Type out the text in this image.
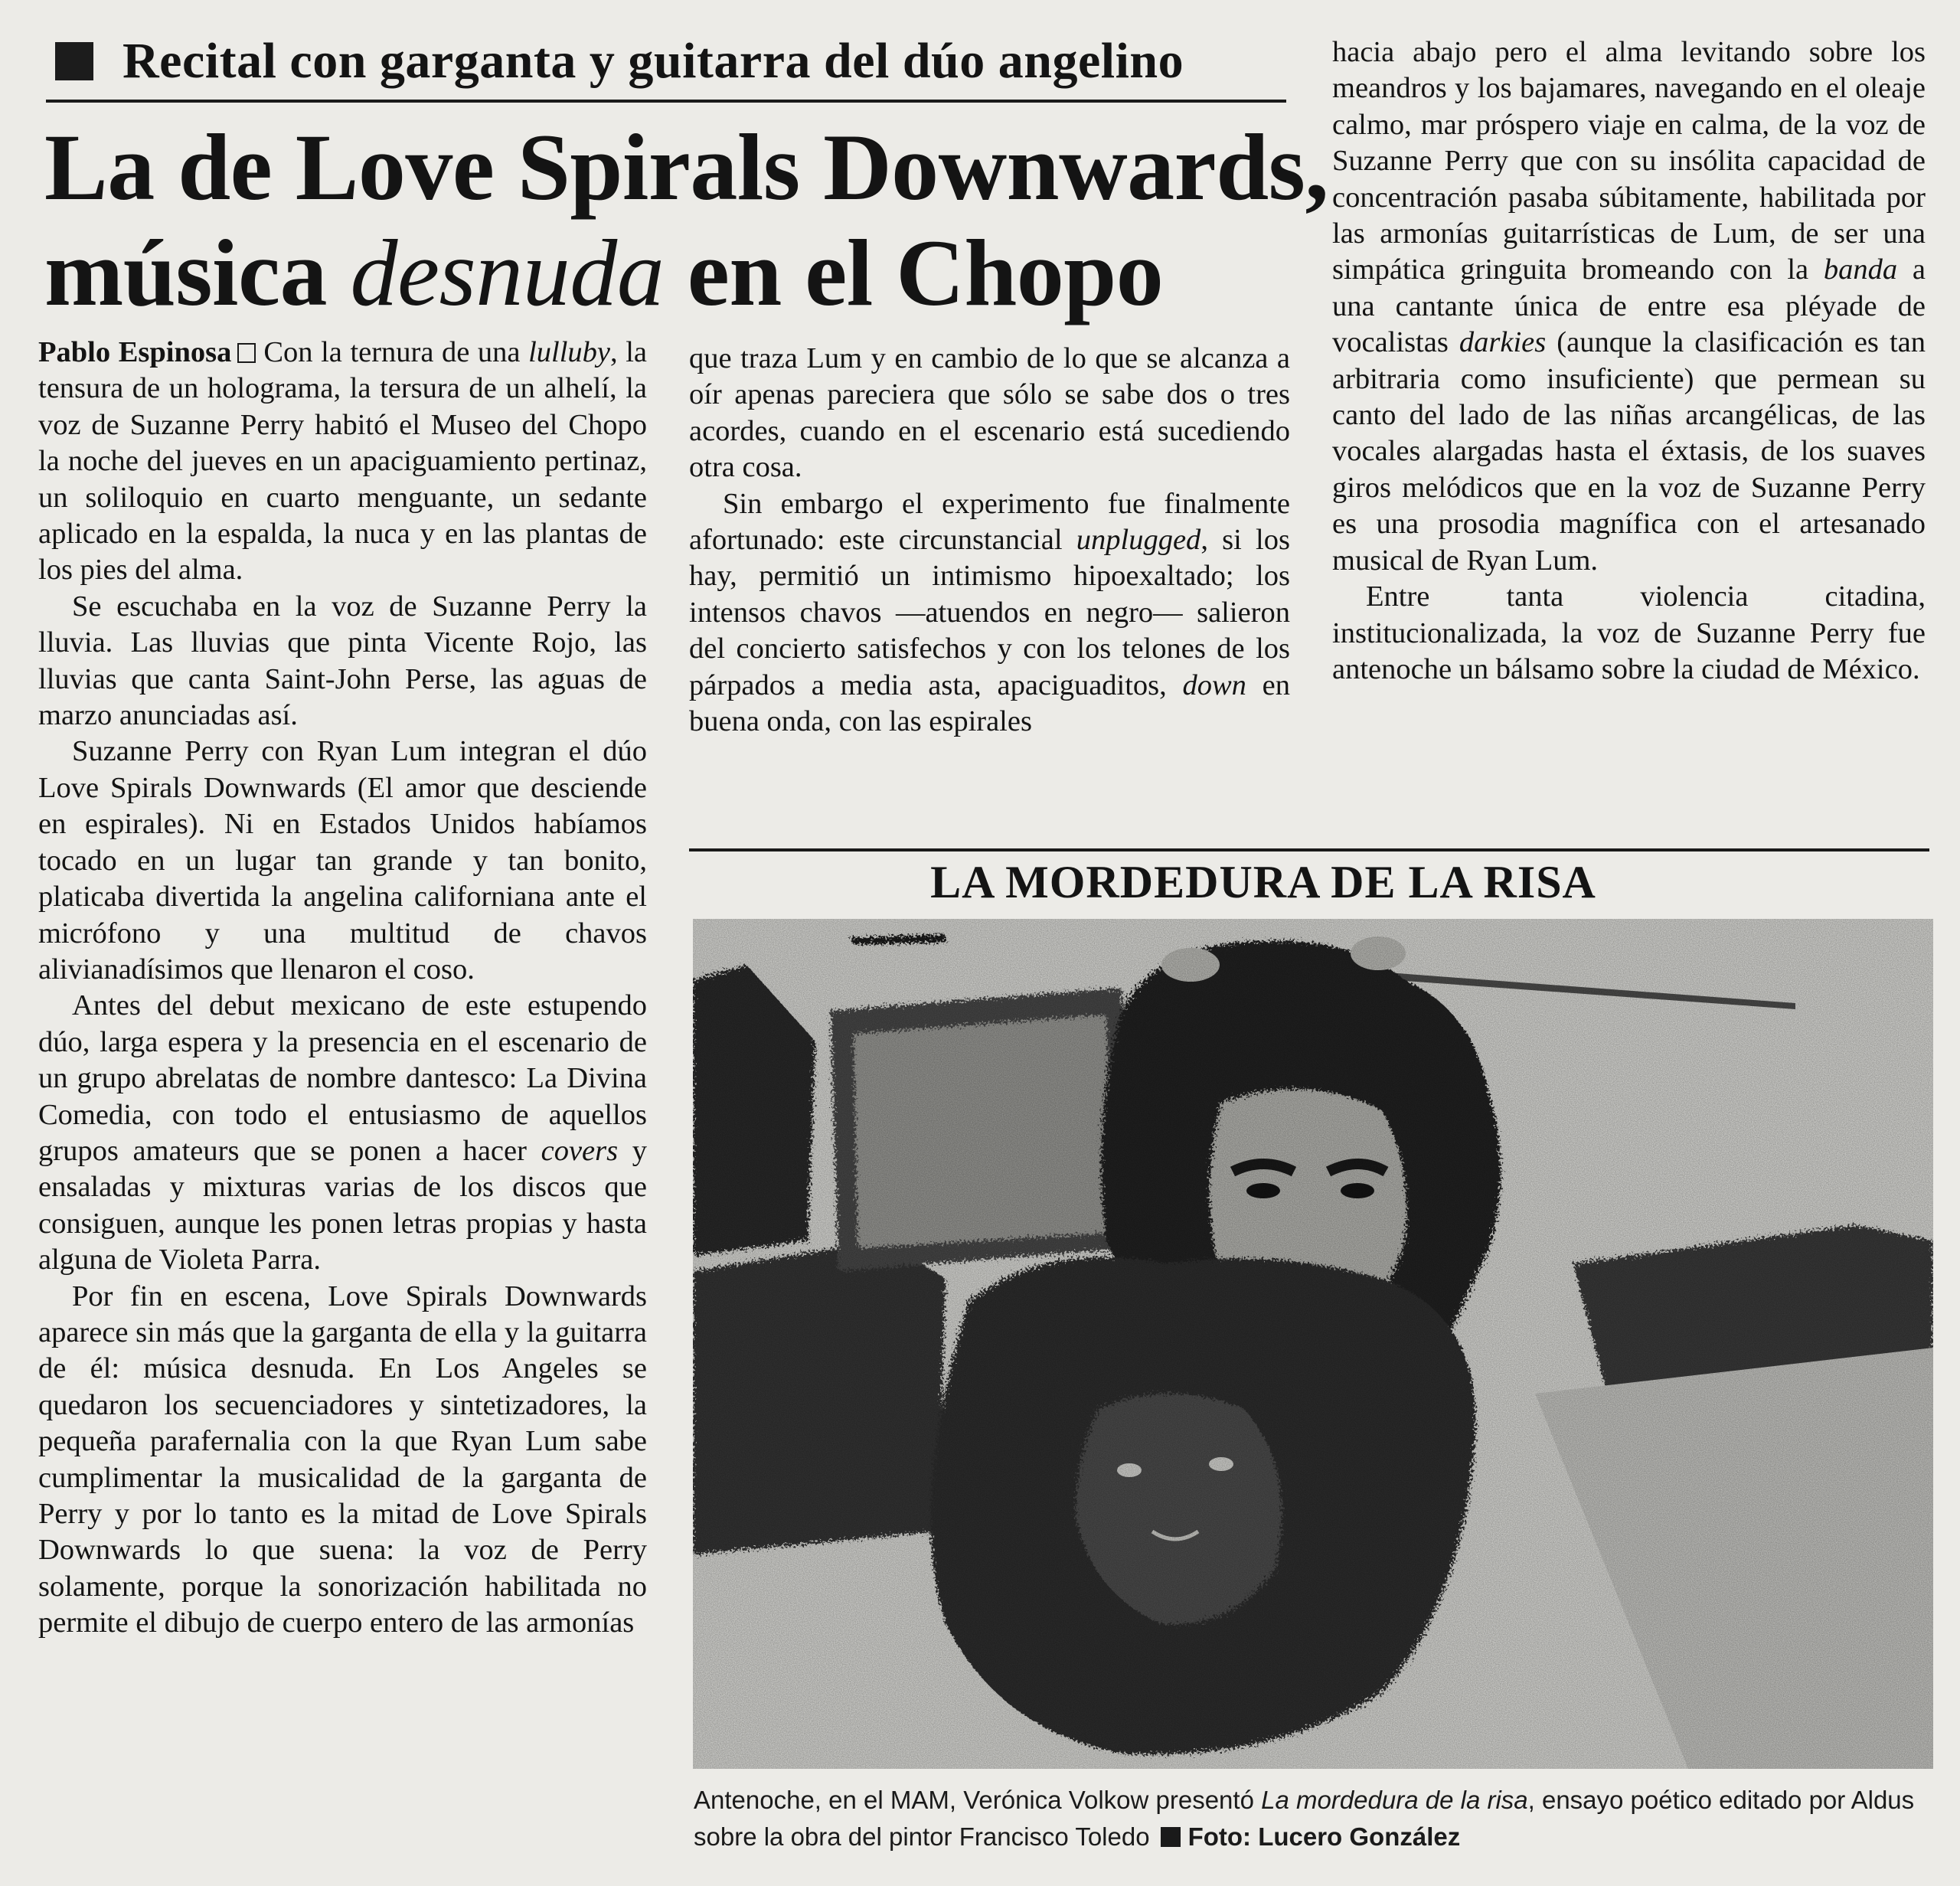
Recital con garganta y guitarra del dúo angelino
La de Love Spirals Downwards,
música desnuda en el Chopo

Pablo Espinosa Con la ternura de una lulluby, la tensura de un holograma, la tersura de un alhelí, la voz de Suzanne Perry habitó el Museo del Chopo la noche del jueves en un apaciguamiento pertinaz, un soliloquio en cuarto menguante, un sedante aplicado en la espalda, la nuca y en las plantas de los pies del alma.

Se escuchaba en la voz de Suzanne Perry la lluvia. Las lluvias que pinta Vicente Rojo, las lluvias que canta Saint-John Perse, las aguas de marzo anunciadas así.

Suzanne Perry con Ryan Lum integran el dúo Love Spirals Downwards (El amor que desciende en espirales). Ni en Estados Unidos habíamos tocado en un lugar tan grande y tan bonito, platicaba divertida la angelina californiana ante el micrófono y una multitud de chavos alivianadísimos que llenaron el coso.

Antes del debut mexicano de este estupendo dúo, larga espera y la presencia en el escenario de un grupo abrelatas de nombre dantesco: La Divina Comedia, con todo el entusiasmo de aquellos grupos amateurs que se ponen a hacer covers y ensaladas y mixturas varias de los discos que consiguen, aunque les ponen letras propias y hasta alguna de Violeta Parra.

Por fin en escena, Love Spirals Downwards aparece sin más que la garganta de ella y la guitarra de él: música desnuda. En Los Angeles se quedaron los secuenciadores y sintetizadores, la pequeña parafernalia con la que Ryan Lum sabe cumplimentar la musicalidad de la garganta de Perry y por lo tanto es la mitad de Love Spirals Downwards lo que suena: la voz de Perry solamente, porque la sonorización habilitada no permite el dibujo de cuerpo entero de las armonías

que traza Lum y en cambio de lo que se alcanza a oír apenas pareciera que sólo se sabe dos o tres acordes, cuando en el escenario está sucediendo otra cosa.

Sin embargo el experimento fue finalmente afortunado: este circunstancial unplugged, si los hay, permitió un intimismo hipoexaltado; los intensos chavos —atuendos en negro— salieron del concierto satisfechos y con los telones de los párpados a media asta, apaciguaditos, down en buena onda, con las espirales

hacia abajo pero el alma levitando sobre los meandros y los bajamares, navegando en el oleaje calmo, mar próspero viaje en calma, de la voz de Suzanne Perry que con su insólita capacidad de concentración pasaba súbitamente, habilitada por las armonías guitarrísticas de Lum, de ser una simpática gringuita bromeando con la banda a una cantante única de entre esa pléyade de vocalistas darkies (aunque la clasificación es tan arbitraria como insuficiente) que permean su canto del lado de las niñas arcangélicas, de las vocales alargadas hasta el éxtasis, de los suaves giros melódicos que en la voz de Suzanne Perry es una prosodia magnífica con el artesanado musical de Ryan Lum.

Entre tanta violencia citadina, institucionalizada, la voz de Suzanne Perry fue antenoche un bálsamo sobre la ciudad de México.

LA MORDEDURA DE LA RISA
Antenoche, en el MAM, Verónica Volkow presentó La mordedura de la risa, ensayo poético editado por Aldus sobre la obra del pintor Francisco Toledo Foto: Lucero González
